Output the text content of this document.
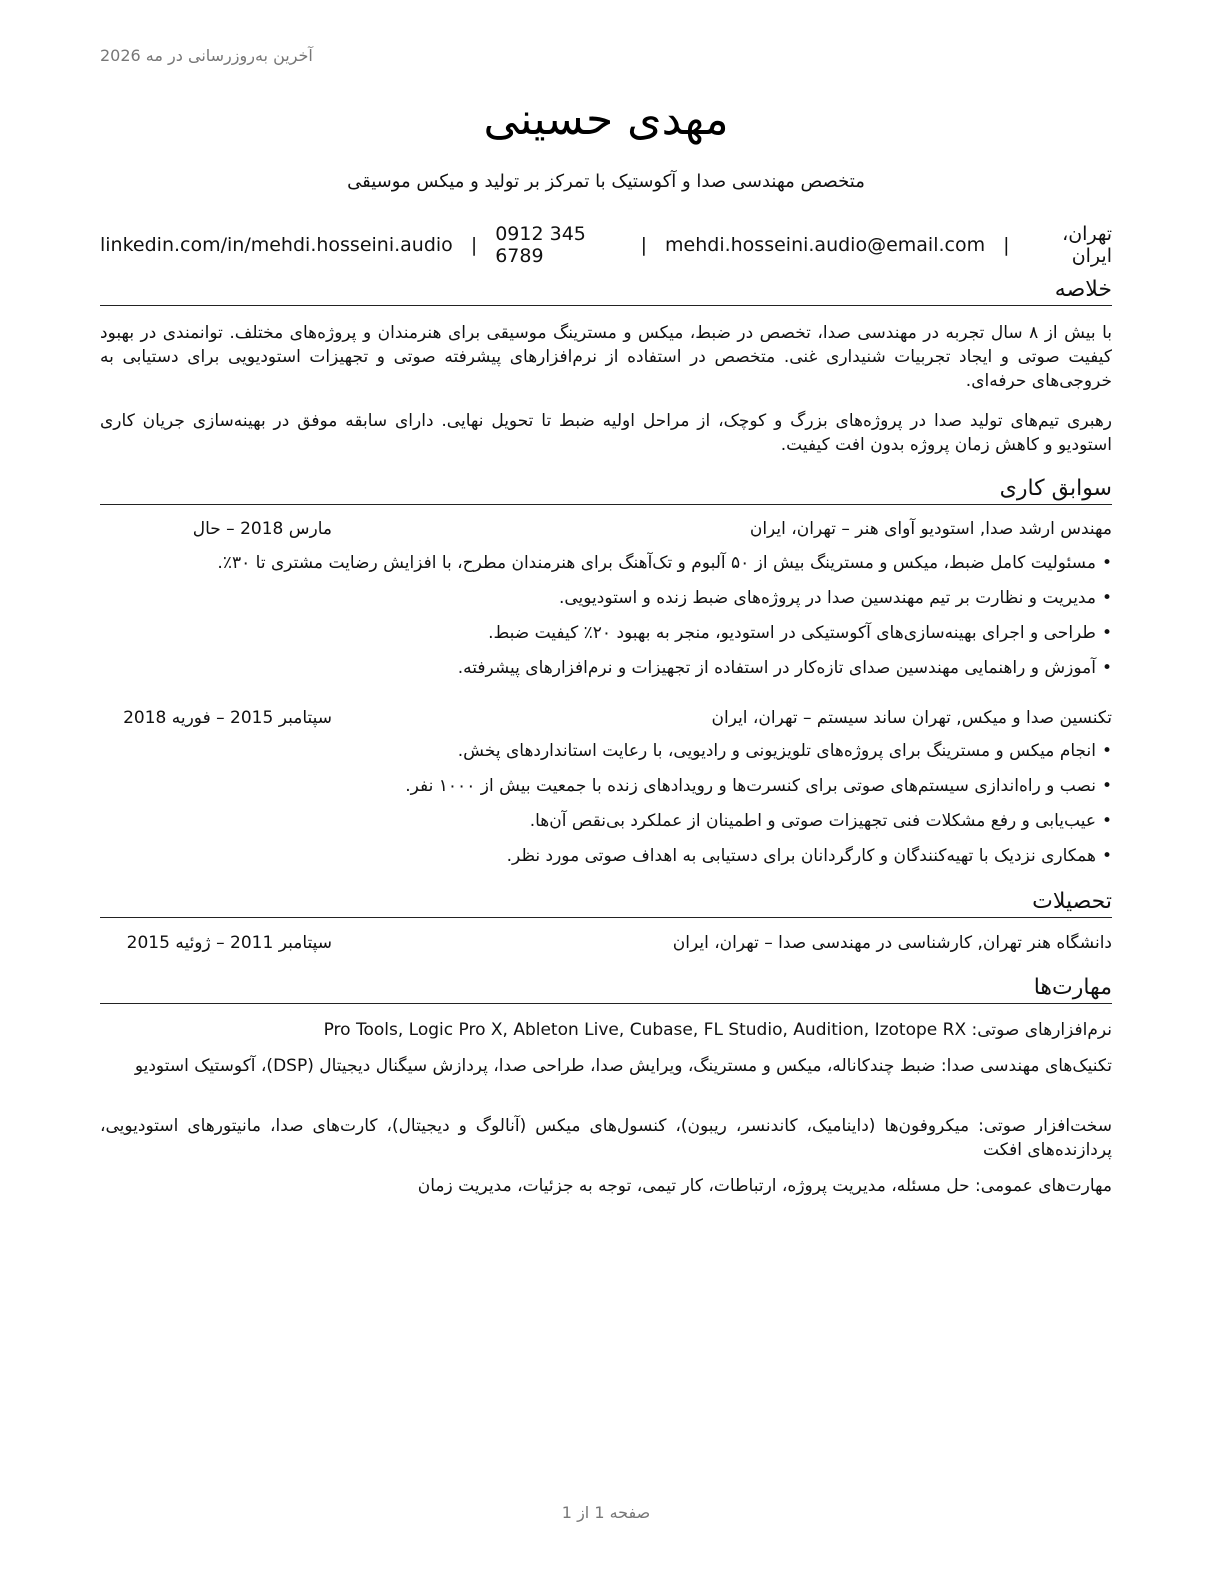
آخرین به‌روزرسانی در مه 2026
مهدی حسینی
متخصص مهندسی صدا و آکوستیک با تمرکز بر تولید و میکس موسیقی
تهران، ایران
|
mehdi.hosseini.audio@email.com
|
0912 345 6789
|
linkedin.com/in/mehdi.hosseini.audio
خلاصه
با بیش از ۸ سال تجربه در مهندسی صدا، تخصص در ضبط، میکس و مسترینگ موسیقی برای هنرمندان و پروژه‌های مختلف. توانمندی در بهبود کیفیت صوتی و ایجاد تجربیات شنیداری غنی. متخصص در استفاده از نرم‌افزارهای پیشرفته صوتی و تجهیزات استودیویی برای دستیابی به خروجی‌های حرفه‌ای.
رهبری تیم‌های تولید صدا در پروژه‌های بزرگ و کوچک، از مراحل اولیه ضبط تا تحویل نهایی. دارای سابقه موفق در بهینه‌سازی جریان کاری استودیو و کاهش زمان پروژه بدون افت کیفیت.
سوابق کاری
مهندس ارشد صدا, استودیو آوای هنر – تهران، ایران
مارس 2018 – حال
•مسئولیت کامل ضبط، میکس و مسترینگ بیش از ۵۰ آلبوم و تک‌آهنگ برای هنرمندان مطرح، با افزایش رضایت مشتری تا ۳۰٪.
•مدیریت و نظارت بر تیم مهندسین صدا در پروژه‌های ضبط زنده و استودیویی.
•طراحی و اجرای بهینه‌سازی‌های آکوستیکی در استودیو، منجر به بهبود ۲۰٪ کیفیت ضبط.
•آموزش و راهنمایی مهندسین صدای تازه‌کار در استفاده از تجهیزات و نرم‌افزارهای پیشرفته.
تکنسین صدا و میکس, تهران ساند سیستم – تهران، ایران
سپتامبر 2015 – فوریه 2018
•انجام میکس و مسترینگ برای پروژه‌های تلویزیونی و رادیویی، با رعایت استانداردهای پخش.
•نصب و راه‌اندازی سیستم‌های صوتی برای کنسرت‌ها و رویدادهای زنده با جمعیت بیش از ۱۰۰۰ نفر.
•عیب‌یابی و رفع مشکلات فنی تجهیزات صوتی و اطمینان از عملکرد بی‌نقص آن‌ها.
•همکاری نزدیک با تهیه‌کنندگان و کارگردانان برای دستیابی به اهداف صوتی مورد نظر.
تحصیلات
دانشگاه هنر تهران, کارشناسی در مهندسی صدا – تهران، ایران
سپتامبر 2011 – ژوئیه 2015
مهارت‌ها
نرم‌افزارهای صوتی: Pro Tools, Logic Pro X, Ableton Live, Cubase, FL Studio, Audition, Izotope RX
تکنیک‌های مهندسی صدا: ضبط چندکاناله، میکس و مسترینگ، ویرایش صدا، طراحی صدا، پردازش سیگنال دیجیتال (DSP)، آکوستیک استودیو
سخت‌افزار صوتی: میکروفون‌ها (داینامیک، کاندنسر، ریبون)، کنسول‌های میکس (آنالوگ و دیجیتال)، کارت‌های صدا، مانیتورهای استودیویی، پردازنده‌های افکت
مهارت‌های عمومی: حل مسئله، مدیریت پروژه، ارتباطات، کار تیمی، توجه به جزئیات، مدیریت زمان
صفحه 1 از 1
